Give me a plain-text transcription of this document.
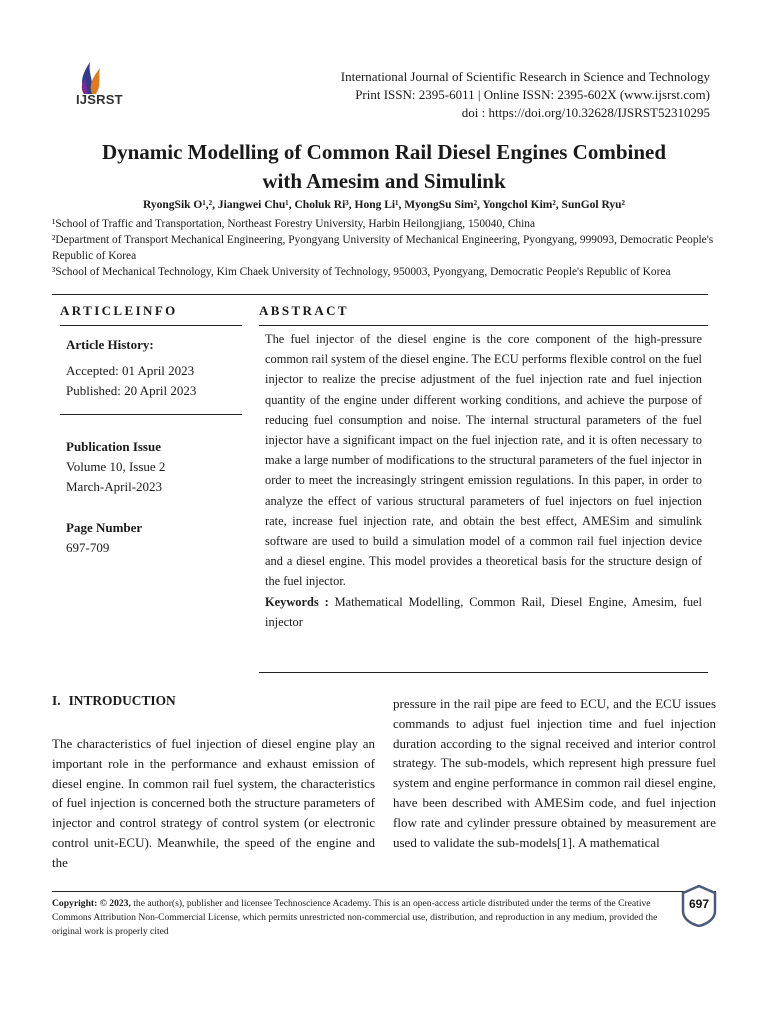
IJSRST
International Journal of Scientific Research in Science and Technology
Print ISSN: 2395-6011 | Online ISSN: 2395-602X (www.ijsrst.com)
doi : https://doi.org/10.32628/IJSRST52310295
Dynamic Modelling of Common Rail Diesel Engines Combined
with Amesim and Simulink
RyongSik O¹,², Jiangwei Chu¹, Choluk Ri³, Hong Li¹, MyongSu Sim², Yongchol Kim², SunGol Ryu²

¹School of Traffic and Transportation, Northeast Forestry University, Harbin Heilongjiang, 150040, China

²Department of Transport Mechanical Engineering, Pyongyang University of Mechanical Engineering, Pyongyang, 999093, Democratic People's Republic of Korea

³School of Mechanical Technology, Kim Chaek University of Technology, 950003, Pyongyang, Democratic People's Republic of Korea

ARTICLEINFO	ABSTRACT
Article History:
Accepted: 01 April 2023
Published: 20 April 2023
Publication Issue
Volume 10, Issue 2
March-April-2023
Page Number
697-709
The fuel injector of the diesel engine is the core component of the high-pressure common rail system of the diesel engine. The ECU performs flexible control on the fuel injector to realize the precise adjustment of the fuel injection rate and fuel injection quantity of the engine under different working conditions, and achieve the purpose of reducing fuel consumption and noise. The internal structural parameters of the fuel injector have a significant impact on the fuel injection rate, and it is often necessary to make a large number of modifications to the structural parameters of the fuel injector in order to meet the increasingly stringent emission regulations. In this paper, in order to analyze the effect of various structural parameters of fuel injectors on fuel injection rate, increase fuel injection rate, and obtain the best effect, AMESim and simulink software are used to build a simulation model of a common rail fuel injection device and a diesel engine. This model provides a theoretical basis for the structure design of the fuel injector.
Keywords : Mathematical Modelling, Common Rail, Diesel Engine, Amesim, fuel injector
I. INTRODUCTION
The characteristics of fuel injection of diesel engine play an important role in the performance and exhaust emission of diesel engine. In common rail fuel system, the characteristics of fuel injection is concerned both the structure parameters of injector and control strategy of control system (or electronic control unit-ECU). Meanwhile, the speed of the engine and the
pressure in the rail pipe are feed to ECU, and the ECU issues commands to adjust fuel injection time and fuel injection duration according to the signal received and interior control strategy. The sub-models, which represent high pressure fuel system and engine performance in common rail diesel engine, have been described with AMESim code, and fuel injection flow rate and cylinder pressure obtained by measurement are used to validate the sub-models[1]. A mathematical
Copyright: © 2023, the author(s), publisher and licensee Technoscience Academy. This is an open-access article distributed under the terms of the Creative Commons Attribution Non-Commercial License, which permits unrestricted non-commercial use, distribution, and reproduction in any medium, provided the original work is properly cited
697
